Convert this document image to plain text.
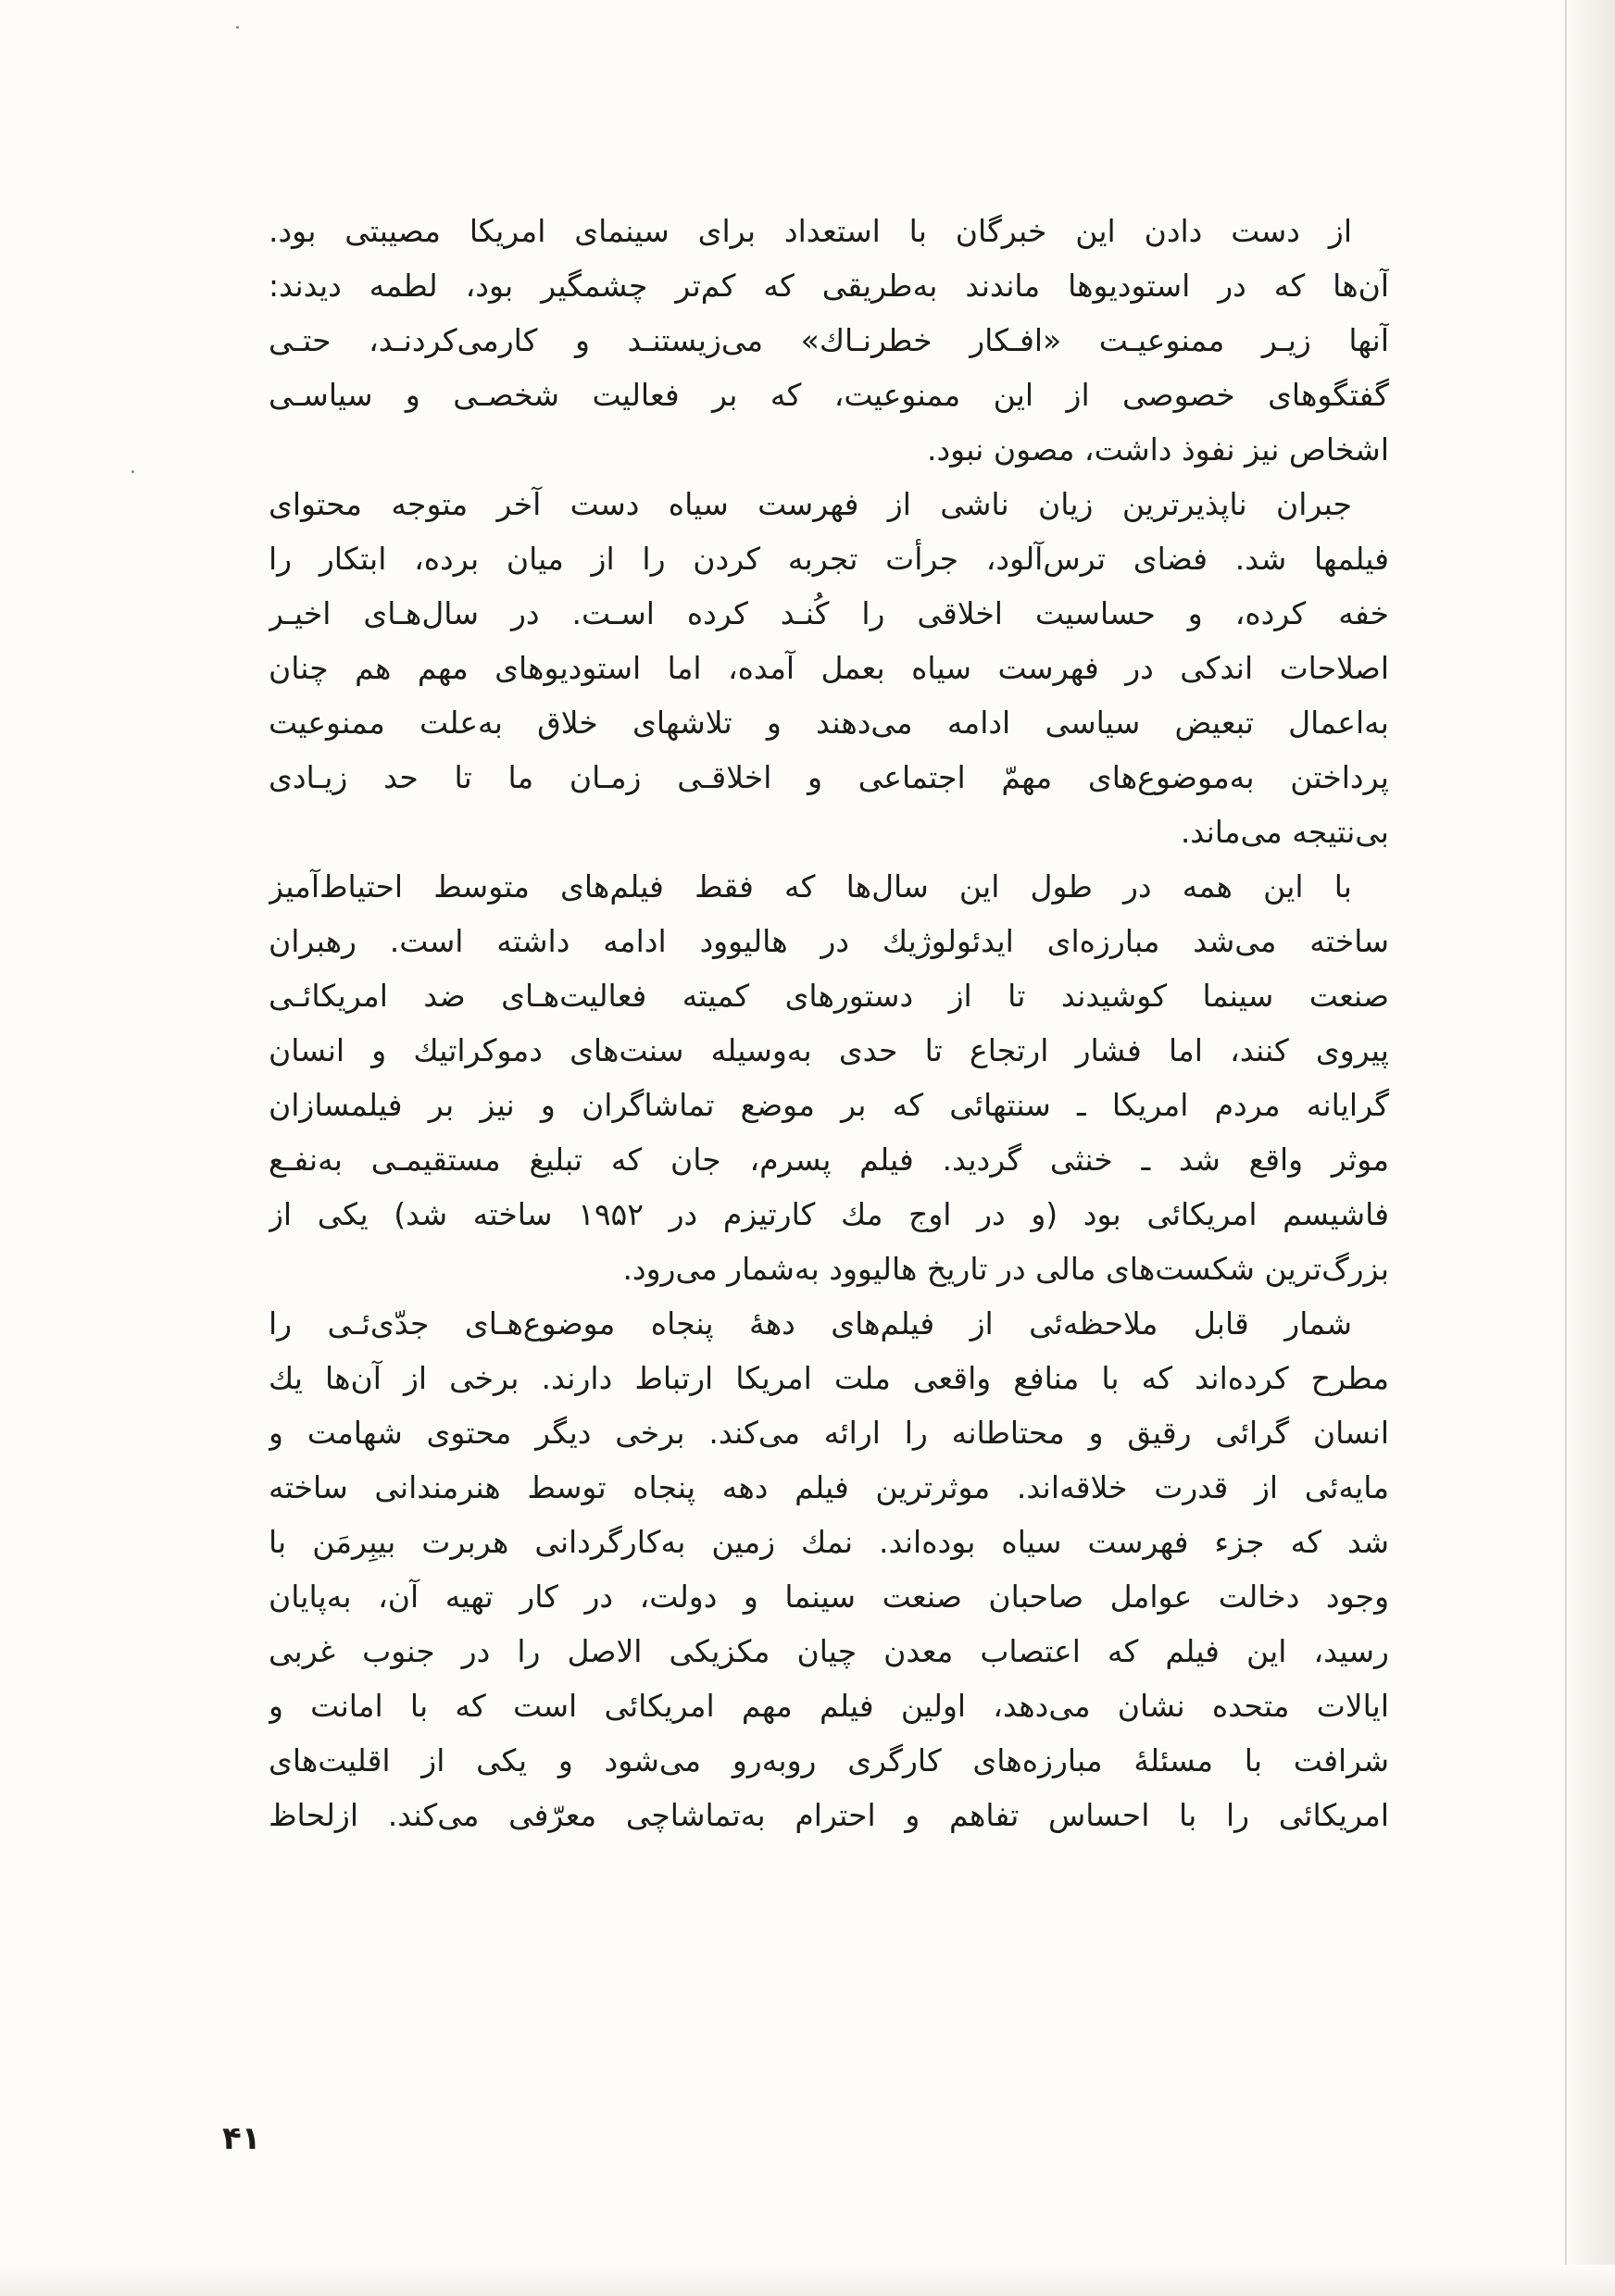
از دست دادن این خبرگان با استعداد برای سینمای امریکا مصیبتی بود.
آن‌ها که در استودیوها ماندند به‌طریقی که کم‌تر چشمگیر بود، لطمه دیدند:
آنها زیـر ممنوعیـت «افـکار خطرنـاك» می‌زیستنـد و کارمی‌کردنـد، حتـی
گفتگوهای خصوصی از این ممنوعیت، که بر فعالیت شخصـی و سیاسـی
اشخاص نیز نفوذ داشت، مصون نبود.
جبران ناپذیرترین زیان ناشی از فهرست سیاه دست آخر متوجه محتوای
فیلمها شد. فضای ترس‌آلود، جرأت تجربه کردن را از میان برده، ابتکار را
خفه کرده، و حساسیت اخلاقی را کُنـد کرده اسـت. در سال‌هـای اخیـر
اصلاحات اندکی در فهرست سیاه بعمل آمده، اما استودیوهای مهم هم چنان
به‌اعمال تبعیض سیاسی ادامه می‌دهند و تلاشهای خلاق به‌علت ممنوعیت
پرداختن به‌موضوع‌های مهمّ اجتماعی و اخلاقـی زمـان ما تا حد زیـادی
بی‌نتیجه می‌ماند.
با این همه در طول این سال‌ها که فقط فیلم‌های متوسط احتیاط‌آمیز
ساخته می‌شد مبارزه‌ای ایدئولوژیك در هالیوود ادامه داشته است. رهبران
صنعت سینما کوشیدند تا از دستورهای کمیته فعالیت‌هـای ضد امریکائـی
پیروی کنند، اما فشار ارتجاع تا حدی به‌وسیله سنت‌های دموکراتیك و انسان
گرایانه مردم امریکا ـ سنتهائی که بر موضع تماشاگران و نیز بر فیلمسازان
موثر واقع شد ـ خنثی گردید. فیلم پسرم، جان که تبلیغ مستقیمـی به‌نفـع
فاشیسم امریکائی بود (و در اوج مك کارتیزم در ۱۹۵۲ ساخته شد) یکی از
بزرگ‌ترین شکست‌های مالی در تاریخ هالیوود به‌شمار می‌رود.
شمار قابل ملاحظه‌ئی از فیلم‌های دههٔ پنجاه موضوع‌هـای جدّی‌ئـی را
مطرح کرده‌اند که با منافع واقعی ملت امریکا ارتباط دارند. برخی از آن‌ها یك
انسان گرائی رقیق و محتاطانه را ارائه می‌کند. برخی دیگر محتوی شهامت و
مایه‌ئی از قدرت خلاقه‌اند. موثرترین فیلم دهه پنجاه توسط هنرمندانی ساخته
شد که جزء فهرست سیاه بوده‌اند. نمك زمین به‌کارگردانی هربرت بیبِرمَن با
وجود دخالت عوامل صاحبان صنعت سینما و دولت، در کار تهیه آن، به‌پایان
رسید، این فیلم که اعتصاب معدن چیان مکزیکی الاصل را در جنوب غربی
ایالات متحده نشان می‌دهد، اولین فیلم مهم امریکائی است که با امانت و
شرافت با مسئلهٔ مبارزه‌های کارگری روبه‌رو می‌شود و یکی از اقلیت‌های
امریکائی را با احساس تفاهم و احترام به‌تماشاچی معرّفی می‌کند. ازلحاظ
۴۱
